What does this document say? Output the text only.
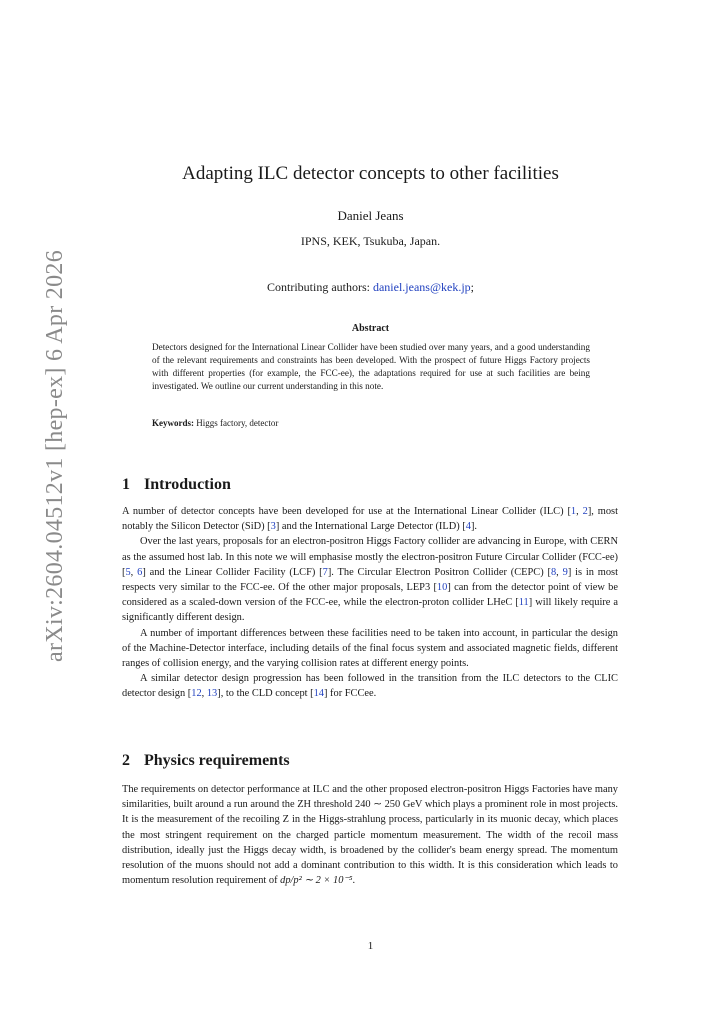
arXiv:2604.04512v1 [hep-ex] 6 Apr 2026
Adapting ILC detector concepts to other facilities
Daniel Jeans
IPNS, KEK, Tsukuba, Japan.
Contributing authors: daniel.jeans@kek.jp;
Abstract
Detectors designed for the International Linear Collider have been studied over many years, and a good understanding of the relevant requirements and constraints has been developed. With the prospect of future Higgs Factory projects with different properties (for example, the FCC-ee), the adaptations required for use at such facilities are being investigated. We outline our current understanding in this note.
Keywords: Higgs factory, detector
1 Introduction

A number of detector concepts have been developed for use at the International Linear Collider (ILC) [1, 2], most notably the Silicon Detector (SiD) [3] and the International Large Detector (ILD) [4].

Over the last years, proposals for an electron-positron Higgs Factory collider are advancing in Europe, with CERN as the assumed host lab. In this note we will emphasise mostly the electron-positron Future Circular Collider (FCC-ee) [5, 6] and the Linear Collider Facility (LCF) [7]. The Circular Electron Positron Collider (CEPC) [8, 9] is in most respects very similar to the FCC-ee. Of the other major proposals, LEP3 [10] can from the detector point of view be considered as a scaled-down version of the FCC-ee, while the electron-proton collider LHeC [11] will likely require a significantly different design.

A number of important differences between these facilities need to be taken into account, in particular the design of the Machine-Detector interface, including details of the final focus system and associated magnetic fields, different ranges of collision energy, and the varying collision rates at different energy points.

A similar detector design progression has been followed in the transition from the ILC detectors to the CLIC detector design [12, 13], to the CLD concept [14] for FCCee.

2 Physics requirements

The requirements on detector performance at ILC and the other proposed electron-positron Higgs Factories have many similarities, built around a run around the ZH threshold 240 ∼ 250 GeV which plays a prominent role in most projects. It is the measurement of the recoiling Z in the Higgs-strahlung process, particularly in its muonic decay, which places the most stringent requirement on the charged particle momentum measurement. The width of the recoil mass distribution, ideally just the Higgs decay width, is broadened by the collider's beam energy spread. The momentum resolution of the muons should not add a dominant contribution to this width. It is this consideration which leads to momentum resolution requirement of dp/p² ∼ 2 × 10⁻⁵.

1
